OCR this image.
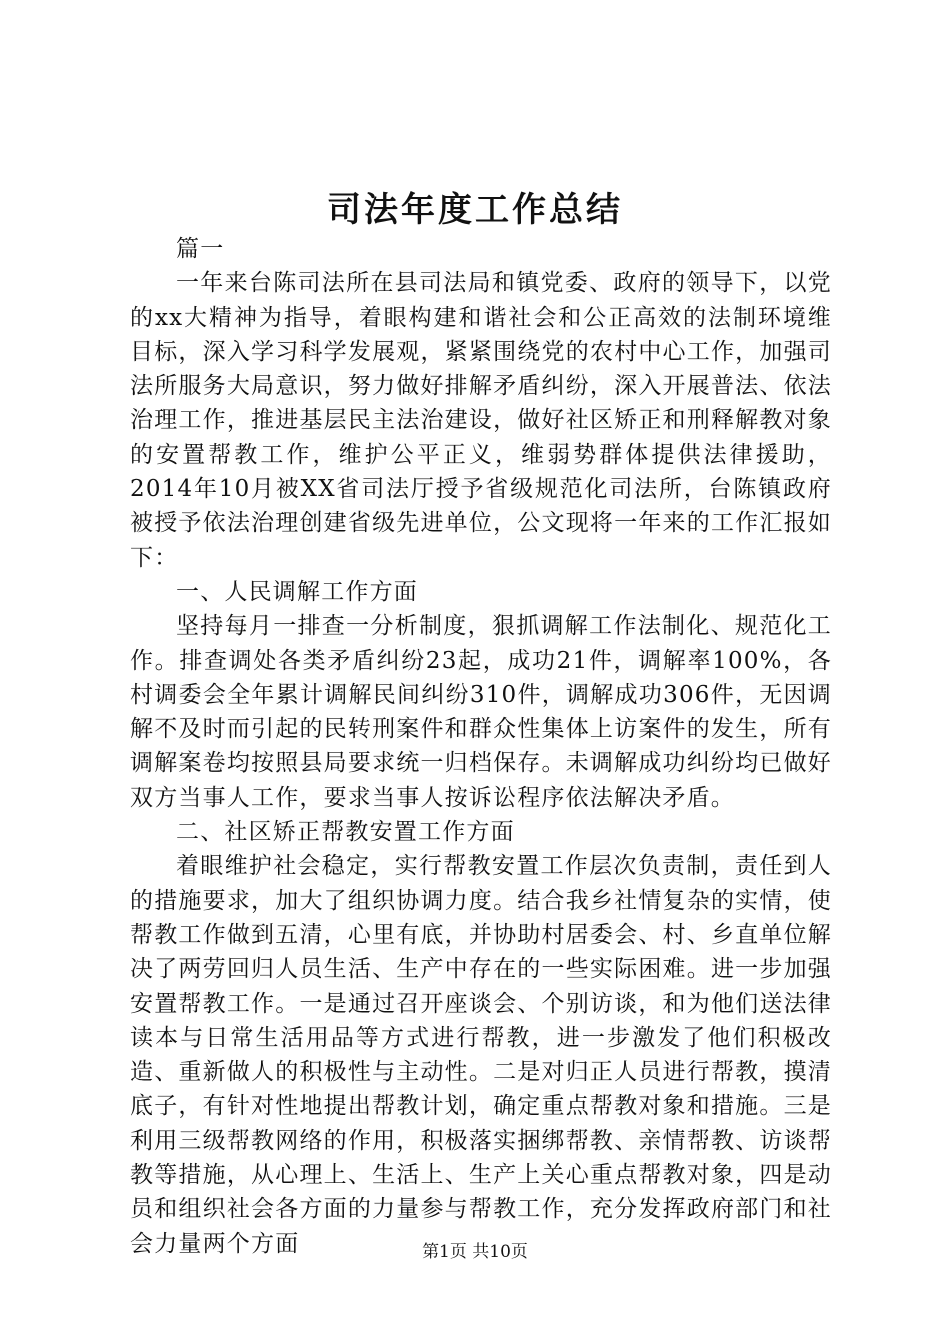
司法年度工作总结

篇一

一年来台陈司法所在县司法局和镇党委、政府的领导下，以党的xx大精神为指导，着眼构建和谐社会和公正高效的法制环境维目标，深入学习科学发展观，紧紧围绕党的农村中心工作，加强司法所服务大局意识，努力做好排解矛盾纠纷，深入开展普法、依法治理工作，推进基层民主法治建设，做好社区矫正和刑释解教对象的安置帮教工作，维护公平正义，维弱势群体提供法律援助，2014年10月被XX省司法厅授予省级规范化司法所，台陈镇政府被授予依法治理创建省级先进单位，公文现将一年来的工作汇报如下：

一、人民调解工作方面

坚持每月一排查一分析制度，狠抓调解工作法制化、规范化工作。排查调处各类矛盾纠纷23起，成功21件，调解率100%，各村调委会全年累计调解民间纠纷310件，调解成功306件，无因调解不及时而引起的民转刑案件和群众性集体上访案件的发生，所有调解案卷均按照县局要求统一归档保存。未调解成功纠纷均已做好双方当事人工作，要求当事人按诉讼程序依法解决矛盾。

二、社区矫正帮教安置工作方面

着眼维护社会稳定，实行帮教安置工作层次负责制，责任到人的措施要求，加大了组织协调力度。结合我乡社情复杂的实情，使帮教工作做到五清，心里有底，并协助村居委会、村、乡直单位解决了两劳回归人员生活、生产中存在的一些实际困难。进一步加强安置帮教工作。一是通过召开座谈会、个别访谈，和为他们送法律读本与日常生活用品等方式进行帮教，进一步激发了他们积极改造、重新做人的积极性与主动性。二是对归正人员进行帮教，摸清底子，有针对性地提出帮教计划，确定重点帮教对象和措施。三是利用三级帮教网络的作用，积极落实捆绑帮教、亲情帮教、访谈帮教等措施，从心理上、生活上、生产上关心重点帮教对象，四是动员和组织社会各方面的力量参与帮教工作，充分发挥政府部门和社会力量两个方面	第1页 共10页
